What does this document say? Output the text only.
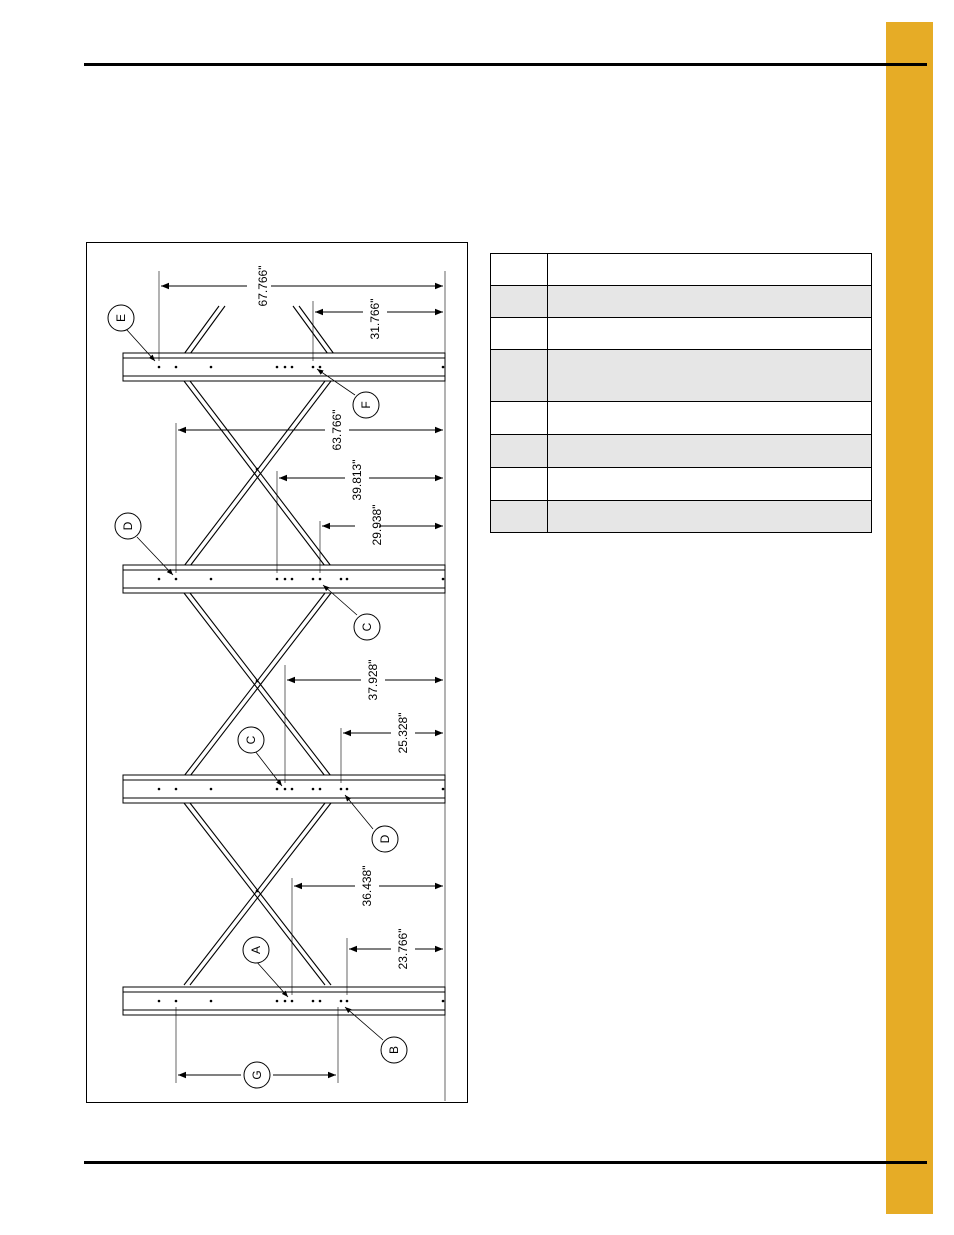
67.766"
31.766"
63.766"
39.813"
29.938"
37.928"
25.328"
36.438"
23.766"
E
F
D
C
C
D
A
B
G
